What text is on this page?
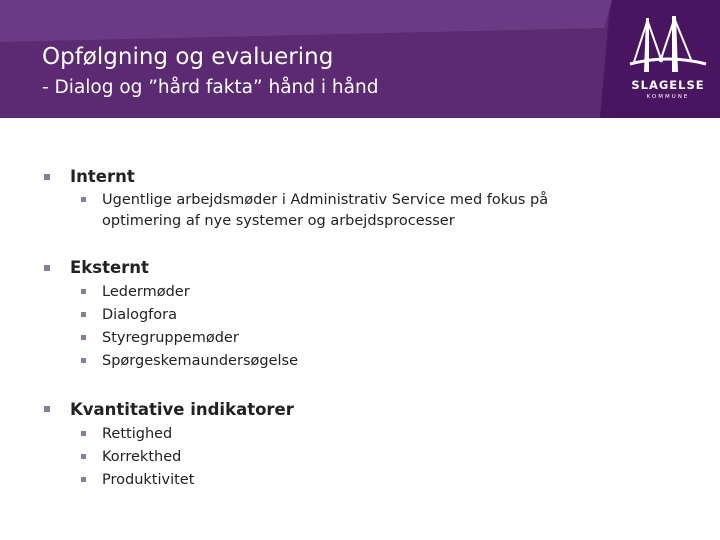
Opfølgning og evaluering
- Dialog og ”hård fakta” hånd i hånd	SLAGELSE
KOMMUNE
Internt
Ugentlige arbejdsmøder i Administrativ Service med fokus på
optimering af nye systemer og arbejdsprocesser
Eksternt
Ledermøder
Dialogfora
Styregruppemøder
Spørgeskemaundersøgelse
Kvantitative indikatorer
Rettighed
Korrekthed
Produktivitet
